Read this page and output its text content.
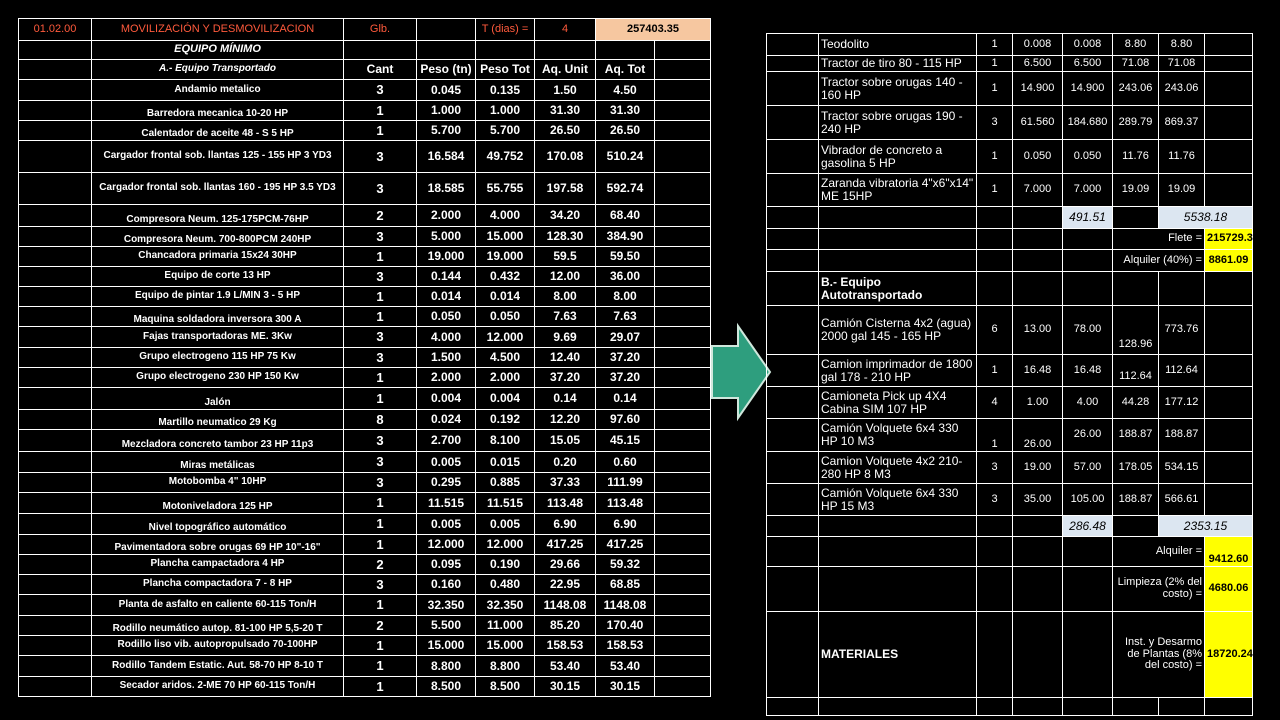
01.02.00	MOVILIZACIÓN Y DESMOVILIZACION	Glb.		T (dias) =	4	257403.35	
	EQUIPO MÍNIMO						
	A.- Equipo Transportado	Cant	Peso (tn)	Peso Tot	Aq. Unit	Aq. Tot	
	Andamio metalico	3	0.045	0.135	1.50	4.50	
	Barredora mecanica 10-20 HP	1	1.000	1.000	31.30	31.30	
	Calentador de aceite 48 - S 5 HP	1	5.700	5.700	26.50	26.50	
	Cargador frontal sob. llantas 125 - 155 HP 3 YD3	3	16.584	49.752	170.08	510.24	
	Cargador frontal sob. llantas 160 - 195 HP 3.5 YD3	3	18.585	55.755	197.58	592.74	
	Compresora Neum. 125-175PCM-76HP	2	2.000	4.000	34.20	68.40	
	Compresora Neum. 700-800PCM 240HP	3	5.000	15.000	128.30	384.90	
	Chancadora primaria 15x24 30HP	1	19.000	19.000	59.5	59.50	
	Equipo de corte 13 HP	3	0.144	0.432	12.00	36.00	
	Equipo de pintar 1.9 L/MIN 3 - 5 HP	1	0.014	0.014	8.00	8.00	
	Maquina soldadora inversora 300 A	1	0.050	0.050	7.63	7.63	
	Fajas transportadoras ME. 3Kw	3	4.000	12.000	9.69	29.07	
	Grupo electrogeno 115 HP 75 Kw	3	1.500	4.500	12.40	37.20	
	Grupo electrogeno 230 HP 150 Kw	1	2.000	2.000	37.20	37.20	
	Jalón	1	0.004	0.004	0.14	0.14	
	Martillo neumatico 29 Kg	8	0.024	0.192	12.20	97.60	
	Mezcladora concreto tambor 23 HP 11p3	3	2.700	8.100	15.05	45.15	
	Miras metálicas	3	0.005	0.015	0.20	0.60	
	Motobomba 4" 10HP	3	0.295	0.885	37.33	111.99	
	Motoniveladora 125 HP	1	11.515	11.515	113.48	113.48	
	Nivel topográfico automático	1	0.005	0.005	6.90	6.90	
	Pavimentadora sobre orugas 69 HP 10"-16"	1	12.000	12.000	417.25	417.25	
	Plancha campactadora 4 HP	2	0.095	0.190	29.66	59.32	
	Plancha compactadora 7 - 8 HP	3	0.160	0.480	22.95	68.85	
	Planta de asfalto en caliente 60-115 Ton/H	1	32.350	32.350	1148.08	1148.08	
	Rodillo neumático autop. 81-100 HP 5,5-20 T	2	5.500	11.000	85.20	170.40	
	Rodillo liso vib. autopropulsado 70-100HP	1	15.000	15.000	158.53	158.53	
	Rodillo Tandem Estatic. Aut. 58-70 HP 8-10 T	1	8.800	8.800	53.40	53.40	
	Secador aridos. 2-ME 70 HP 60-115 Ton/H	1	8.500	8.500	30.15	30.15	
	Teodolito	1	0.008	0.008	8.80	8.80	
	Tractor de tiro 80 - 115 HP	1	6.500	6.500	71.08	71.08	
	Tractor sobre orugas 140 - 160 HP	1	14.900	14.900	243.06	243.06	
	Tractor sobre orugas 190 - 240 HP	3	61.560	184.680	289.79	869.37	
	Vibrador de concreto a gasolina 5 HP	1	0.050	0.050	11.76	11.76	
	Zaranda vibratoria 4"x6"x14" ME 15HP	1	7.000	7.000	19.09	19.09	
				491.51		5538.18	
					Flete =		215729.36
					Alquiler (40%) =		8861.09
	B.- Equipo Autotransportado						
	Camión Cisterna 4x2 (agua) 2000 gal 145 - 165 HP	6	13.00	78.00	128.96	773.76	
	Camion imprimador de 1800 gal 178 - 210 HP	1	16.48	16.48	112.64	112.64	
	Camioneta Pick up 4X4 Cabina SIM 107 HP	4	1.00	4.00	44.28	177.12	
	Camión Volquete 6x4 330 HP 10 M3	1	26.00	26.00	188.87	188.87	
	Camion Volquete 4x2 210-280 HP 8 M3	3	19.00	57.00	178.05	534.15	
	Camión Volquete 6x4 330 HP 15 M3	3	35.00	105.00	188.87	566.61	
				286.48		2353.15	
					Alquiler =		9412.60
					Limpieza (2% del costo) =		4680.06
	MATERIALES				Inst. y Desarmo de Plantas (8% del costo) =		18720.24
